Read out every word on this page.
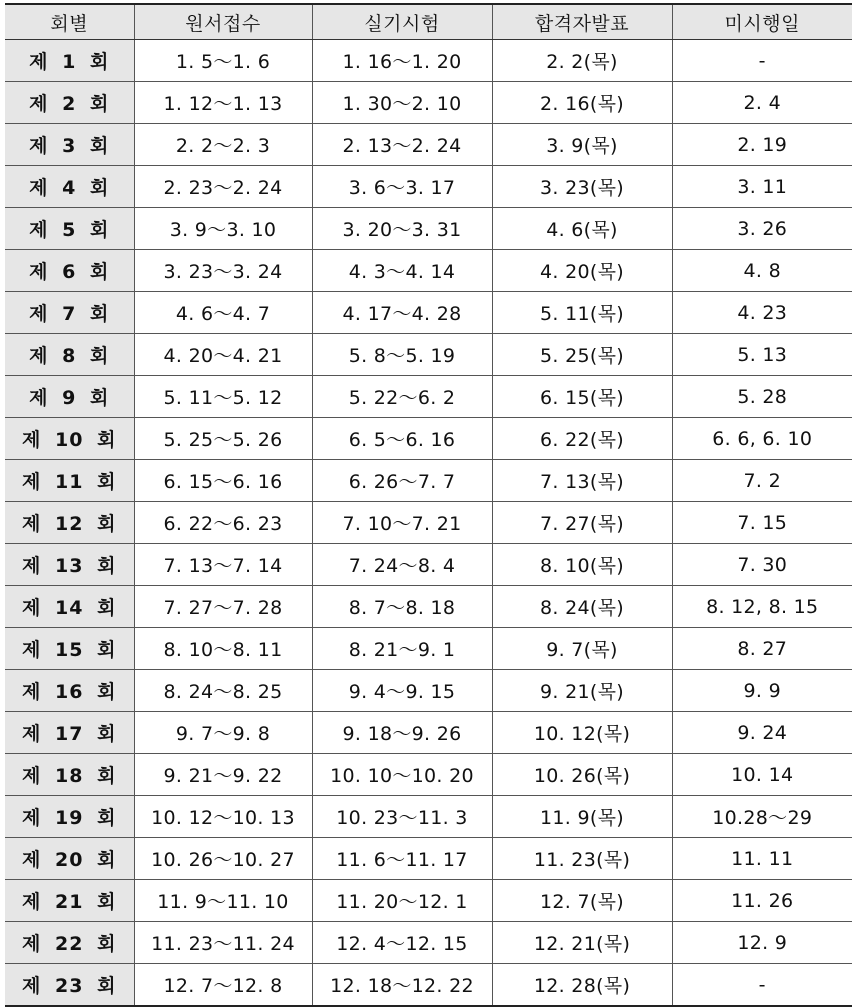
회별	원서접수	실기시험	합격자발표	미시행일
제 1 회	1. 5～1. 6	1. 16～1. 20	2. 2(목)	-
제 2 회	1. 12～1. 13	1. 30～2. 10	2. 16(목)	2. 4
제 3 회	2. 2～2. 3	2. 13～2. 24	3. 9(목)	2. 19
제 4 회	2. 23～2. 24	3. 6～3. 17	3. 23(목)	3. 11
제 5 회	3. 9～3. 10	3. 20～3. 31	4. 6(목)	3. 26
제 6 회	3. 23～3. 24	4. 3～4. 14	4. 20(목)	4. 8
제 7 회	4. 6～4. 7	4. 17～4. 28	5. 11(목)	4. 23
제 8 회	4. 20～4. 21	5. 8～5. 19	5. 25(목)	5. 13
제 9 회	5. 11～5. 12	5. 22～6. 2	6. 15(목)	5. 28
제 10 회	5. 25～5. 26	6. 5～6. 16	6. 22(목)	6. 6, 6. 10
제 11 회	6. 15～6. 16	6. 26～7. 7	7. 13(목)	7. 2
제 12 회	6. 22～6. 23	7. 10～7. 21	7. 27(목)	7. 15
제 13 회	7. 13～7. 14	7. 24～8. 4	8. 10(목)	7. 30
제 14 회	7. 27～7. 28	8. 7～8. 18	8. 24(목)	8. 12, 8. 15
제 15 회	8. 10～8. 11	8. 21～9. 1	9. 7(목)	8. 27
제 16 회	8. 24～8. 25	9. 4～9. 15	9. 21(목)	9. 9
제 17 회	9. 7～9. 8	9. 18～9. 26	10. 12(목)	9. 24
제 18 회	9. 21～9. 22	10. 10～10. 20	10. 26(목)	10. 14
제 19 회	10. 12～10. 13	10. 23～11. 3	11. 9(목)	10.28～29
제 20 회	10. 26～10. 27	11. 6～11. 17	11. 23(목)	11. 11
제 21 회	11. 9～11. 10	11. 20～12. 1	12. 7(목)	11. 26
제 22 회	11. 23～11. 24	12. 4～12. 15	12. 21(목)	12. 9
제 23 회	12. 7～12. 8	12. 18～12. 22	12. 28(목)	-
